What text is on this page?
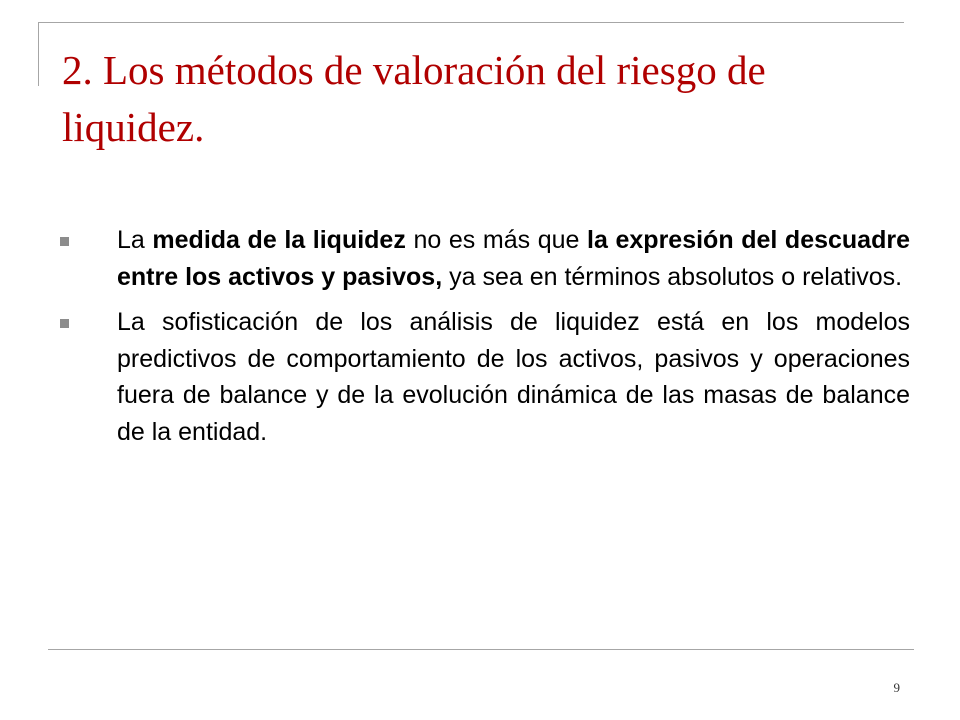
2. Los métodos de valoración del riesgo de liquidez.
La medida de la liquidez no es más que la expresión del descuadre entre los activos y pasivos, ya sea en términos absolutos o relativos.
La sofisticación de los análisis de liquidez está en los modelos predictivos de comportamiento de los activos, pasivos y operaciones fuera de balance y de la evolución dinámica de las masas de balance de la entidad.
9
